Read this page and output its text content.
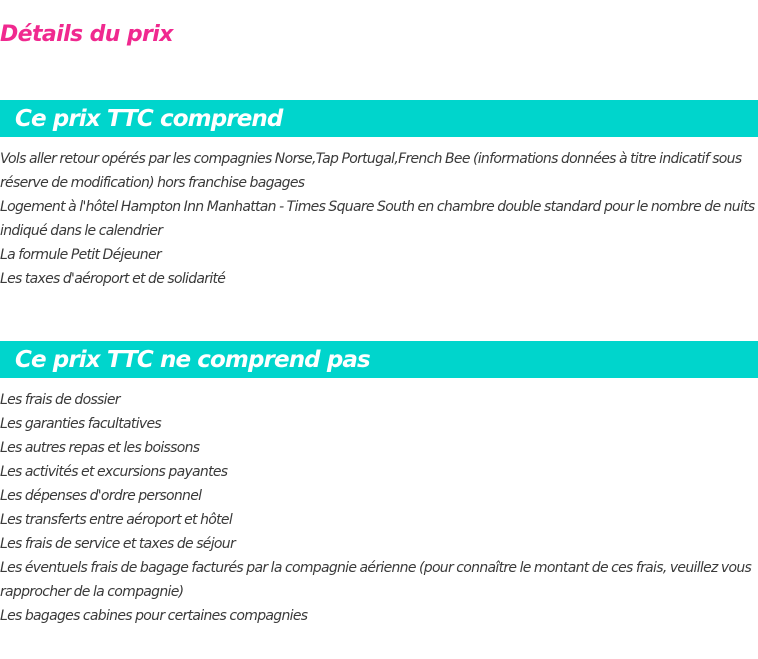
Détails du prix
Ce prix TTC comprend
Vols aller retour opérés par les compagnies Norse,Tap Portugal,French Bee (informations données à titre indicatif sous réserve de modification) hors franchise bagages
Logement à l'hôtel Hampton Inn Manhattan - Times Square South en chambre double standard pour le nombre de nuits indiqué dans le calendrier
La formule Petit Déjeuner
Les taxes d'aéroport et de solidarité
Ce prix TTC ne comprend pas
Les frais de dossier
Les garanties facultatives
Les autres repas et les boissons
Les activités et excursions payantes
Les dépenses d'ordre personnel
Les transferts entre aéroport et hôtel
Les frais de service et taxes de séjour
Les éventuels frais de bagage facturés par la compagnie aérienne (pour connaître le montant de ces frais, veuillez vous rapprocher de la compagnie)
Les bagages cabines pour certaines compagnies
